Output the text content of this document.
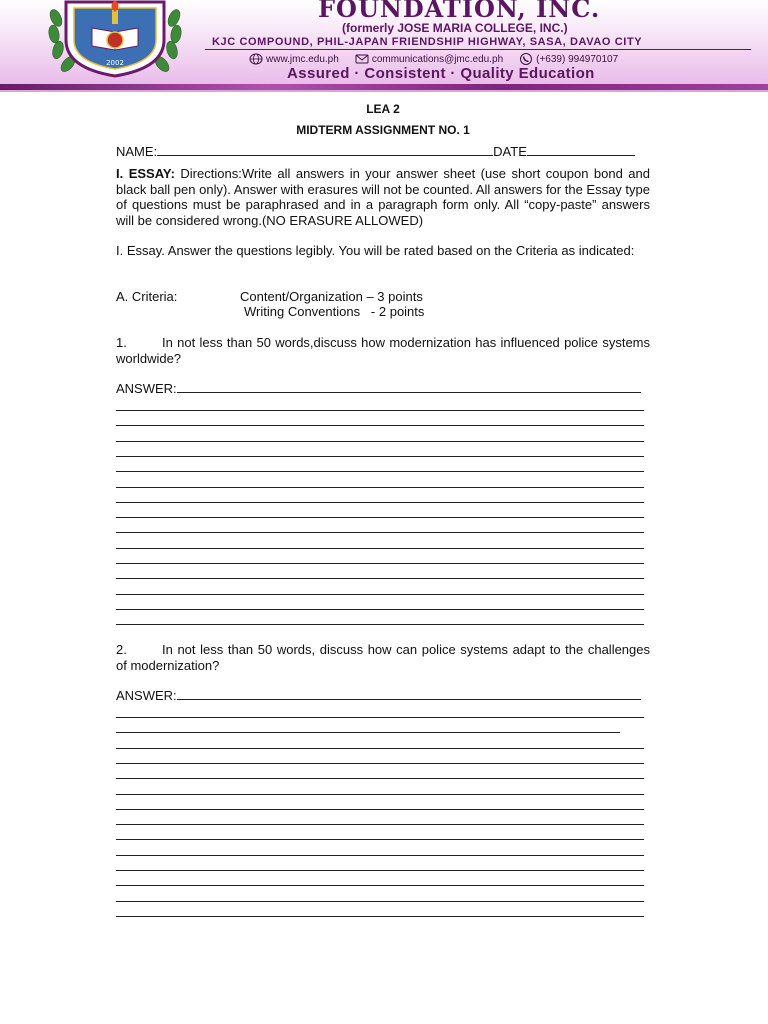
2002
FOUNDATION, INC.
(formerly JOSE MARIA COLLEGE, INC.)
KJC COMPOUND, PHIL-JAPAN FRIENDSHIP HIGHWAY, SASA, DAVAO CITY
www.jmc.edu.ph	communications@jmc.edu.ph	(+639) 994970107
Assured · Consistent · Quality Education
LEA 2
MIDTERM ASSIGNMENT NO. 1
NAME:	DATE
I. ESSAY: Directions:Write all answers in your answer sheet (use short coupon bond and black ball pen only). Answer with erasures will not be counted. All answers for the Essay type of questions must be paraphrased and in a paragraph form only. All “copy-paste” answers will be considered wrong.(NO ERASURE ALLOWED)
I. Essay. Answer the questions legibly. You will be rated based on the Criteria as indicated:
A. Criteria:	Content/Organization – 3 points
Writing Conventions   - 2 points
1.	In not less than 50 words,discuss how modernization has influenced police systems worldwide?
ANSWER:
2.	In not less than 50 words, discuss how can police systems adapt to the challenges of modernization?
ANSWER:
